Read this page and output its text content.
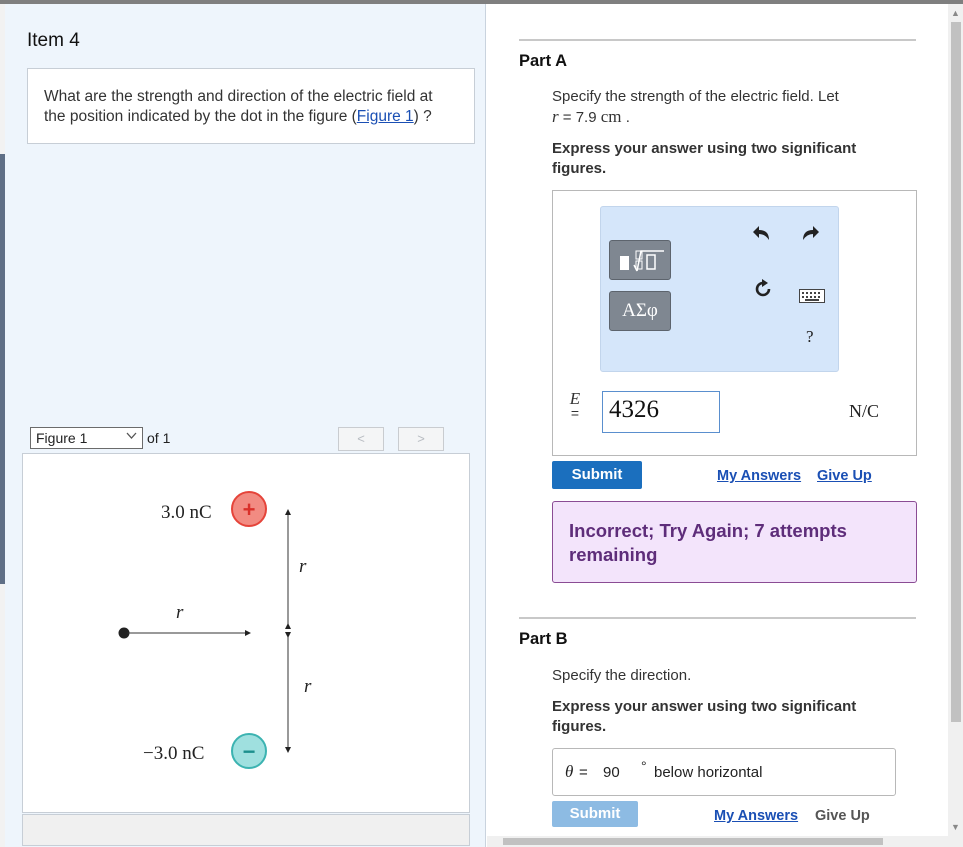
Item 4
What are the strength and direction of the electric field at the position indicated by the dot in the figure (Figure 1) ?
Figure 1	of 1	<	>
3.0 nC +
r
r
r
−3.0 nC −
Part A
Specify the strength of the electric field. Let
r = 7.9 cm .
Express your answer using two significant figures.
ΑΣφ
?
E
= 4326	N/C
Submit	My Answers Give Up
Incorrect; Try Again; 7 attempts remaining
Part B
Specify the direction.
Express your answer using two significant figures.
θ = 90 ° below horizontal
Submit	My Answers Give Up
▲
▼
